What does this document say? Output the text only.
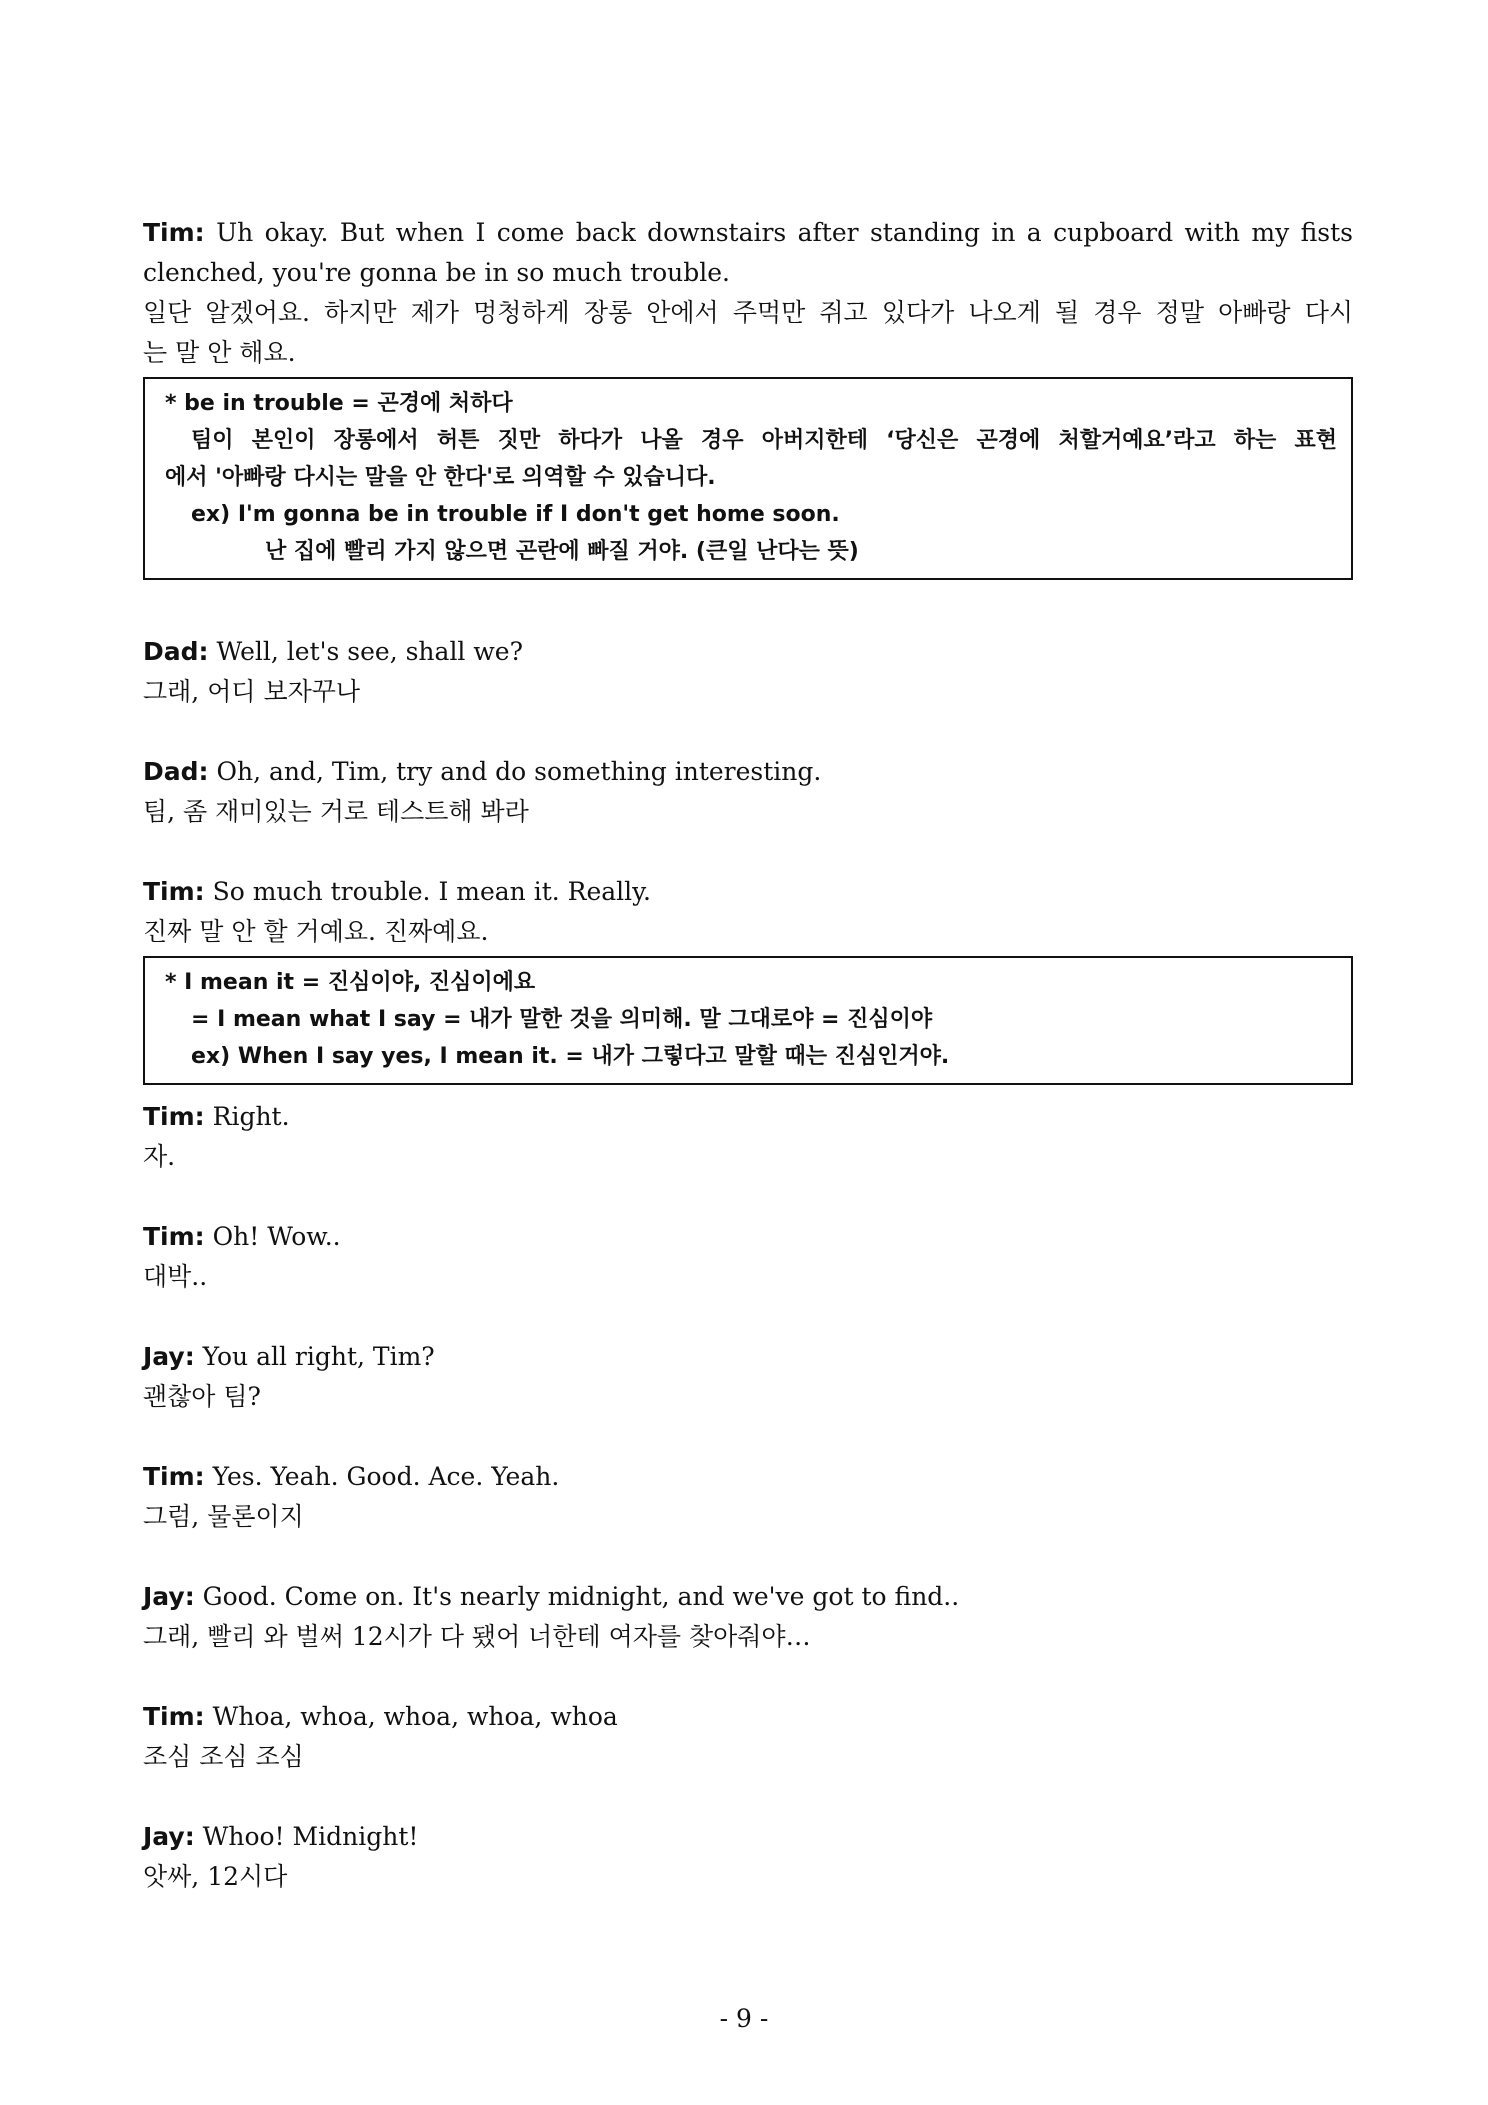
Tim: Uh okay. But when I come back downstairs after standing in a cupboard with my fists
clenched, you're gonna be in so much trouble.
일단 알겠어요. 하지만 제가 멍청하게 장롱 안에서 주먹만 쥐고 있다가 나오게 될 경우 정말 아빠랑 다시
는 말 안 해요.
* be in trouble = 곤경에 처하다
팀이 본인이 장롱에서 허튼 짓만 하다가 나올 경우 아버지한테 ‘당신은 곤경에 처할거예요’라고 하는 표현
에서 '아빠랑 다시는 말을 안 한다'로 의역할 수 있습니다.
ex) I'm gonna be in trouble if I don't get home soon.
난 집에 빨리 가지 않으면 곤란에 빠질 거야. (큰일 난다는 뜻)
Dad: Well, let's see, shall we?
그래, 어디 보자꾸나
Dad: Oh, and, Tim, try and do something interesting.
팀, 좀 재미있는 거로 테스트해 봐라
Tim: So much trouble. I mean it. Really.
진짜 말 안 할 거예요. 진짜예요.
* I mean it = 진심이야, 진심이에요
= I mean what I say = 내가 말한 것을 의미해. 말 그대로야 = 진심이야
ex) When I say yes, I mean it. = 내가 그렇다고 말할 때는 진심인거야.
Tim: Right.
자.
Tim: Oh! Wow..
대박..
Jay: You all right, Tim?
괜찮아 팀?
Tim: Yes. Yeah. Good. Ace. Yeah.
그럼, 물론이지
Jay: Good. Come on. It's nearly midnight, and we've got to find..
그래, 빨리 와 벌써 12시가 다 됐어 너한테 여자를 찾아줘야…
Tim: Whoa, whoa, whoa, whoa, whoa
조심 조심 조심
Jay: Whoo! Midnight!
앗싸, 12시다
- 9 -
